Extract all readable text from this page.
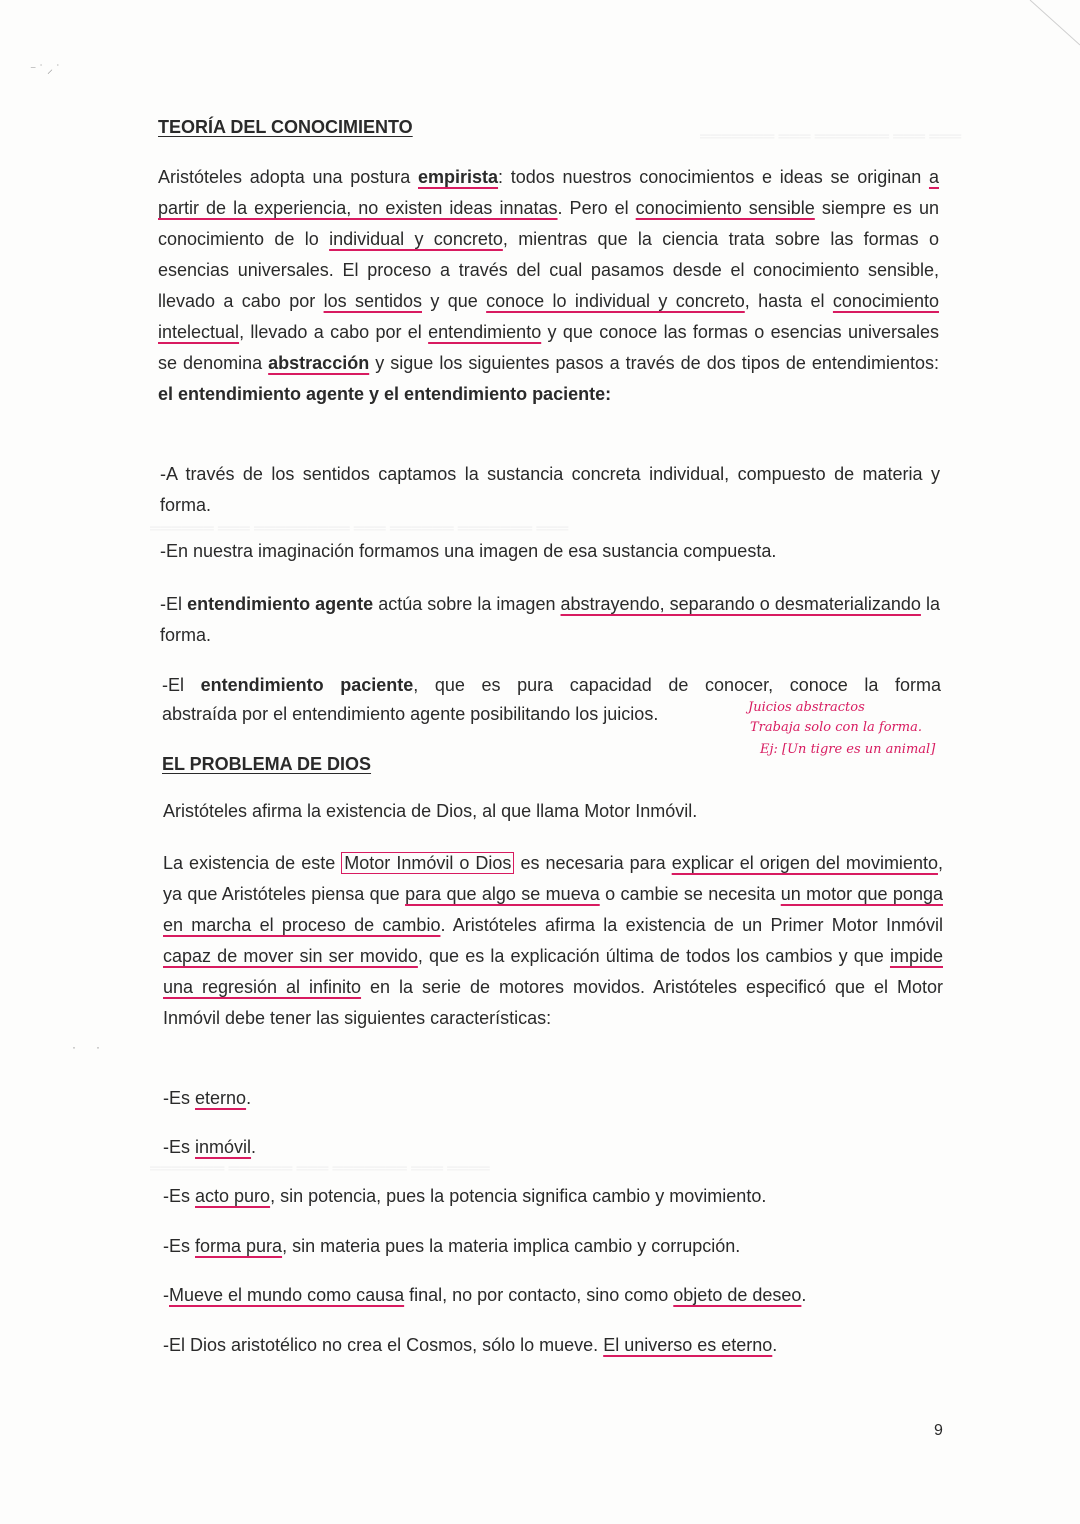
═══════ ═══ ═══════ ═══ ═══
══════ ═══ ═════════ ═══ ══════ ═══════ ═══
═══════ ══════ ═══ ═══════ ═══ ════
⁻ ˙ ⸝ ˙
·      ·
TEORÍA DEL CONOCIMIENTO
Aristóteles adopta una postura empirista: todos nuestros conocimientos e ideas se originan a partir de la experiencia, no existen ideas innatas. Pero el conocimiento sensible siempre es un conocimiento de lo individual y concreto, mientras que la ciencia trata sobre las formas o esencias universales. El proceso a través del cual pasamos desde el conocimiento sensible, llevado a cabo por los sentidos y que conoce lo individual y concreto, hasta el conocimiento intelectual, llevado a cabo por el entendimiento y que conoce las formas o esencias universales se denomina abstracción y sigue los siguientes pasos a través de dos tipos de entendimientos: el entendimiento agente y el entendimiento paciente:
-A través de los sentidos captamos la sustancia concreta individual, compuesto de materia y forma.
-En nuestra imaginación formamos una imagen de esa sustancia compuesta.
-El entendimiento agente actúa sobre la imagen abstrayendo, separando o desmaterializando la forma.
-El entendimiento paciente, que es pura capacidad de conocer, conoce la forma
abstraída por el entendimiento agente posibilitando los juicios.	Juicios abstractos
Trabaja solo con la forma.
Ej: [Un tigre es un animal]
EL PROBLEMA DE DIOS
Aristóteles afirma la existencia de Dios, al que llama Motor Inmóvil.
La existencia de este Motor Inmóvil o Dios es necesaria para explicar el origen del movimiento, ya que Aristóteles piensa que para que algo se mueva o cambie se necesita un motor que ponga en marcha el proceso de cambio. Aristóteles afirma la existencia de un Primer Motor Inmóvil capaz de mover sin ser movido, que es la explicación última de todos los cambios y que impide una regresión al infinito en la serie de motores movidos. Aristóteles especificó que el Motor Inmóvil debe tener las siguientes características:
-Es eterno.
-Es inmóvil.
-Es acto puro, sin potencia, pues la potencia significa cambio y movimiento.
-Es forma pura, sin materia pues la materia implica cambio y corrupción.
-Mueve el mundo como causa final, no por contacto, sino como objeto de deseo.
-El Dios aristotélico no crea el Cosmos, sólo lo mueve. El universo es eterno.
9
